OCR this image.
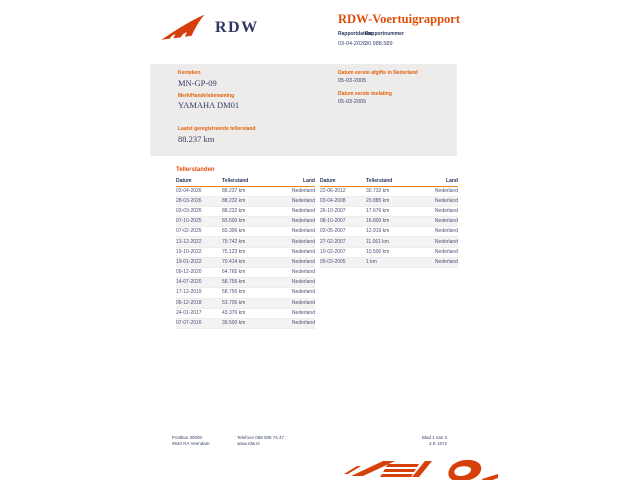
RDW	RDW-Voertuigrapport
Rapportdatum
03-04-2026
Rapportnummer
30.988.589
Kenteken
MN-GP-09
Merk/Handelsbenaming
YAMAHA DM01
Laatst geregistreerde tellerstand
88.237 km
Datum eerste afgifte in Nederland
05-03-2005
Datum eerste toelating
05-03-2005
Tellerstanden
Datum	Tellerstand	Land
03-04-2026	88.237 km	Nederland
28-03-2026	88.232 km	Nederland
03-03-2026	88.232 km	Nederland
07-10-2025	83.500 km	Nederland
07-02-2025	83.396 km	Nederland
13-12-2022	79.742 km	Nederland
19-10-2022	75.123 km	Nederland
19-01-2022	70.414 km	Nederland
09-12-2020	64.765 km	Nederland
14-07-2020	58.756 km	Nederland
17-12-2019	58.756 km	Nederland
05-12-2018	53.705 km	Nederland
24-01-2017	43.376 km	Nederland
07-07-2016	39.500 km	Nederland
Datum	Tellerstand	Land
22-06-2012	30.732 km	Nederland
03-04-2008	20.885 km	Nederland
26-10-2007	17.676 km	Nederland
08-10-2007	16.800 km	Nederland
03-05-2007	12.919 km	Nederland
27-02-2007	11.061 km	Nederland
10-02-2007	10.500 km	Nederland
05-03-2005	1 km	Nederland
Postbus 30000
9640 RA Veendam
Telefoon 088 008 74 47
www.rdw.nl
Blad 1 van 3
3 E 1672
